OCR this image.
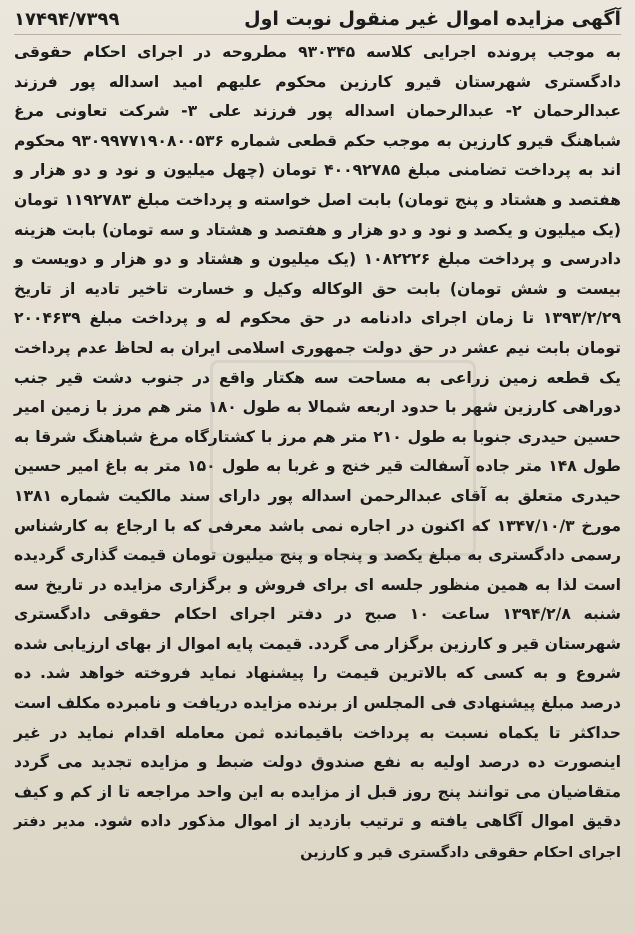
آگهی مزایده اموال غیر منقول نوبت اول
۱۷۴۹۴/۷۳۹۹
به موجب پرونده اجرایی کلاسه ۹۳۰۳۴۵ مطروحه در اجرای احکام حقوقی دادگستری شهرستان قیرو کارزین محکوم علیهم امید اسداله پور فرزند عبدالرحمان ۲- عبدالرحمان اسداله پور فرزند علی ۳- شرکت تعاونی مرغ شباهنگ قیرو کارزین به موجب حکم قطعی شماره ۹۳۰۹۹۷۷۱۹۰۸۰۰۵۳۶ محکوم اند به پرداخت تضامنی مبلغ ۴۰۰۹۲۷۸۵ تومان (چهل میلیون و نود و دو هزار و هفتصد و هشتاد و پنج تومان) بابت اصل خواسته و پرداخت مبلغ ۱۱۹۲۷۸۳ تومان (یک میلیون و یکصد و نود و دو هزار و هفتصد و هشتاد و سه تومان) بابت هزینه دادرسی و پرداخت مبلغ ۱۰۸۲۲۲۶ (یک میلیون و هشتاد و دو هزار و دویست و بیست و شش تومان) بابت حق الوکاله وکیل و خسارت تاخیر تادیه از تاریخ ۱۳۹۳/۲/۲۹ تا زمان اجرای دادنامه در حق محکوم له و پرداخت مبلغ ۲۰۰۴۶۳۹ تومان بابت نیم عشر در حق دولت جمهوری اسلامی ایران به لحاظ عدم پرداخت یک قطعه زمین زراعی به مساحت سه هکتار واقع در جنوب دشت قیر جنب دوراهی کارزین شهر با حدود اربعه شمالا به طول ۱۸۰ متر هم مرز با زمین امیر حسین حیدری جنوبا به طول ۲۱۰ متر هم مرز با کشتارگاه مرغ شباهنگ شرقا به طول ۱۴۸ متر جاده آسفالت قیر خنج و غربا به طول ۱۵۰ متر به باغ امیر حسین حیدری متعلق به آقای عبدالرحمن اسداله پور دارای سند مالکیت شماره ۱۳۸۱ مورخ ۱۳۴۷/۱۰/۳ که اکنون در اجاره نمی باشد معرفی که با ارجاع به کارشناس رسمی دادگستری به مبلغ یکصد و پنجاه و پنج میلیون تومان قیمت گذاری گردیده است لذا به همین منظور جلسه ای برای فروش و برگزاری مزایده در تاریخ سه شنبه ۱۳۹۴/۲/۸ ساعت ۱۰ صبح در دفتر اجرای احکام حقوقی دادگستری شهرستان قیر و کارزین برگزار می گردد. قیمت پایه اموال از بهای ارزیابی شده شروع و به کسی که بالاترین قیمت را پیشنهاد نماید فروخته خواهد شد. ده درصد مبلغ پیشنهادی فی المجلس از برنده مزایده دریافت و نامبرده مکلف است حداکثر تا یکماه نسبت به پرداخت باقیمانده ثمن معامله اقدام نماید در غیر اینصورت ده درصد اولیه به نفع صندوق دولت ضبط و مزایده تجدید می گردد متقاضیان می توانند پنج روز قبل از مزایده به این واحد مراجعه تا از کم و کیف دقیق اموال آگاهی یافته و ترتیب بازدید از اموال مذکور داده شود. مدیر دفتر اجرای احکام حقوقی دادگستری قیر و کارزین
